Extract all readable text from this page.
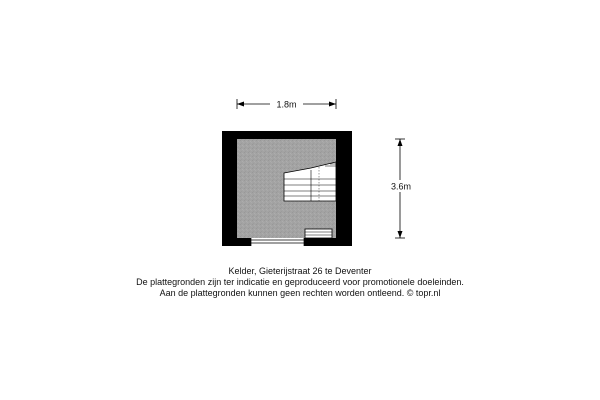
1.8m
3.6m
Kelder, Gieterijstraat 26 te Deventer
De plattegronden zijn ter indicatie en geproduceerd voor promotionele doeleinden.
Aan de plattegronden kunnen geen rechten worden ontleend. © topr.nl
